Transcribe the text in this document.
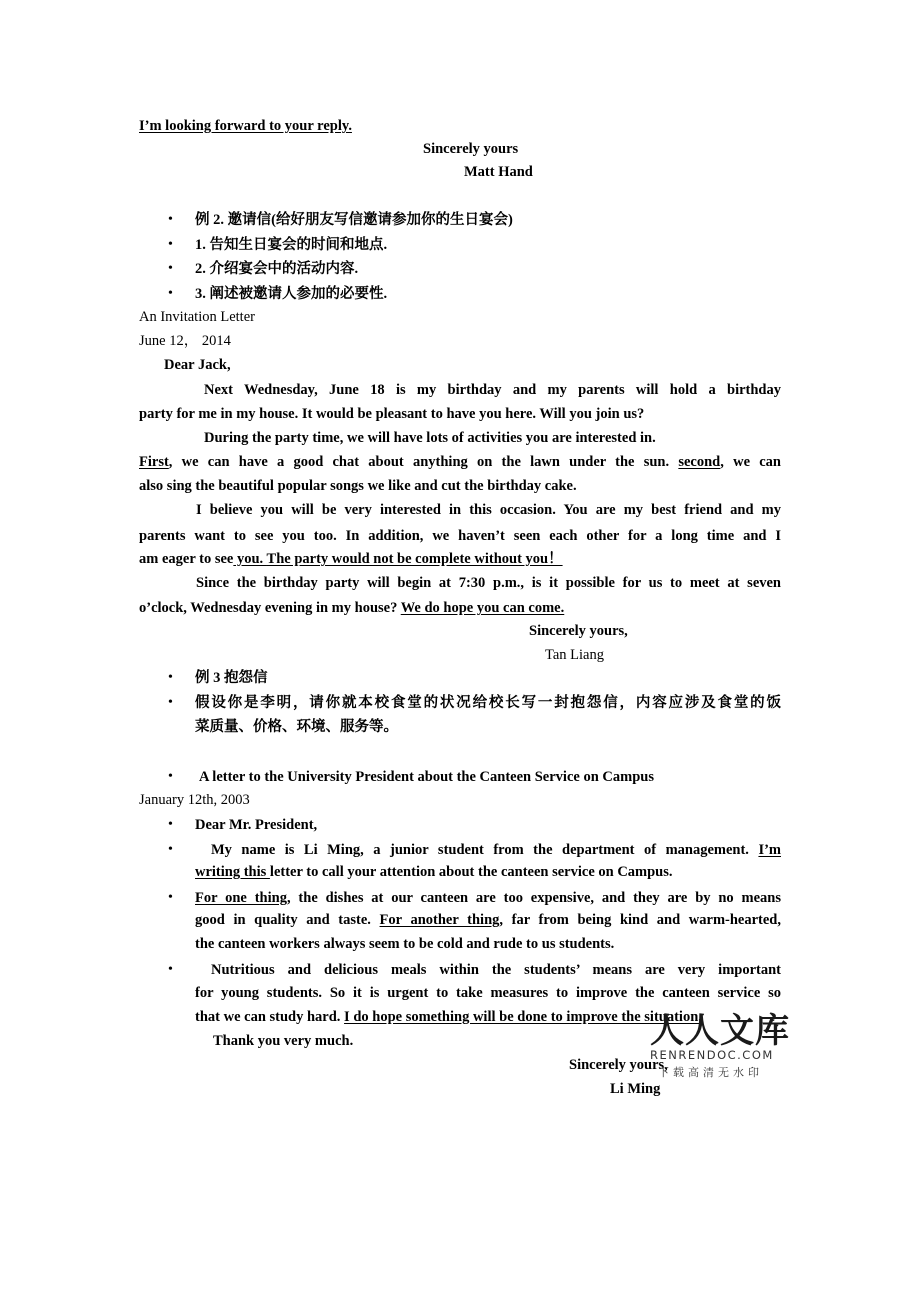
I’m looking forward to your reply.
Sincerely yours
Matt Hand
• 例 2. 邀请信(给好朋友写信邀请参加你的生日宴会)
• 1. 告知生日宴会的时间和地点.
• 2. 介绍宴会中的活动内容.
• 3. 阐述被邀请人参加的必要性.
An Invitation Letter
June 12， 2014
Dear Jack,
Next Wednesday, June 18 is my birthday and my parents will hold a birthday
party for me in my house. It would be pleasant to have you here. Will you join us?
During the party time, we will have lots of activities you are interested in.
First, we can have a good chat about anything on the lawn under the sun. second, we can
also sing the beautiful popular songs we like and cut the birthday cake.
I believe you will be very interested in this occasion. You are my best friend and my
parents want to see you too. In addition, we haven’t seen each other for a long time and I
am eager to see you. The party would not be complete without you！
Since the birthday party will begin at 7:30 p.m., is it possible for us to meet at seven
o’clock, Wednesday evening in my house? We do hope you can come.
Sincerely yours,
Tan Liang
• 例 3 抱怨信
• 假设你是李明，请你就本校食堂的状况给校长写一封抱怨信，内容应涉及食堂的饭
菜质量、价格、环境、服务等。
• A letter to the University President about the Canteen Service on Campus
January 12th, 2003
• Dear Mr. President,
•	My name is Li Ming, a junior student from the department of management. I’m
writing this letter to call your attention about the canteen service on Campus.
• For one thing, the dishes at our canteen are too expensive, and they are by no means
good in quality and taste. For another thing, far from being kind and warm-hearted,
the canteen workers always seem to be cold and rude to us students.
•	Nutritious and delicious meals within the students’ means are very important
for young students. So it is urgent to take measures to improve the canteen service so
that we can study hard. I do hope something will be done to improve the situation.
Thank you very much.
Sincerely yours,
Li Ming
人人文库
RENRENDOC.COM
下载高清无水印
